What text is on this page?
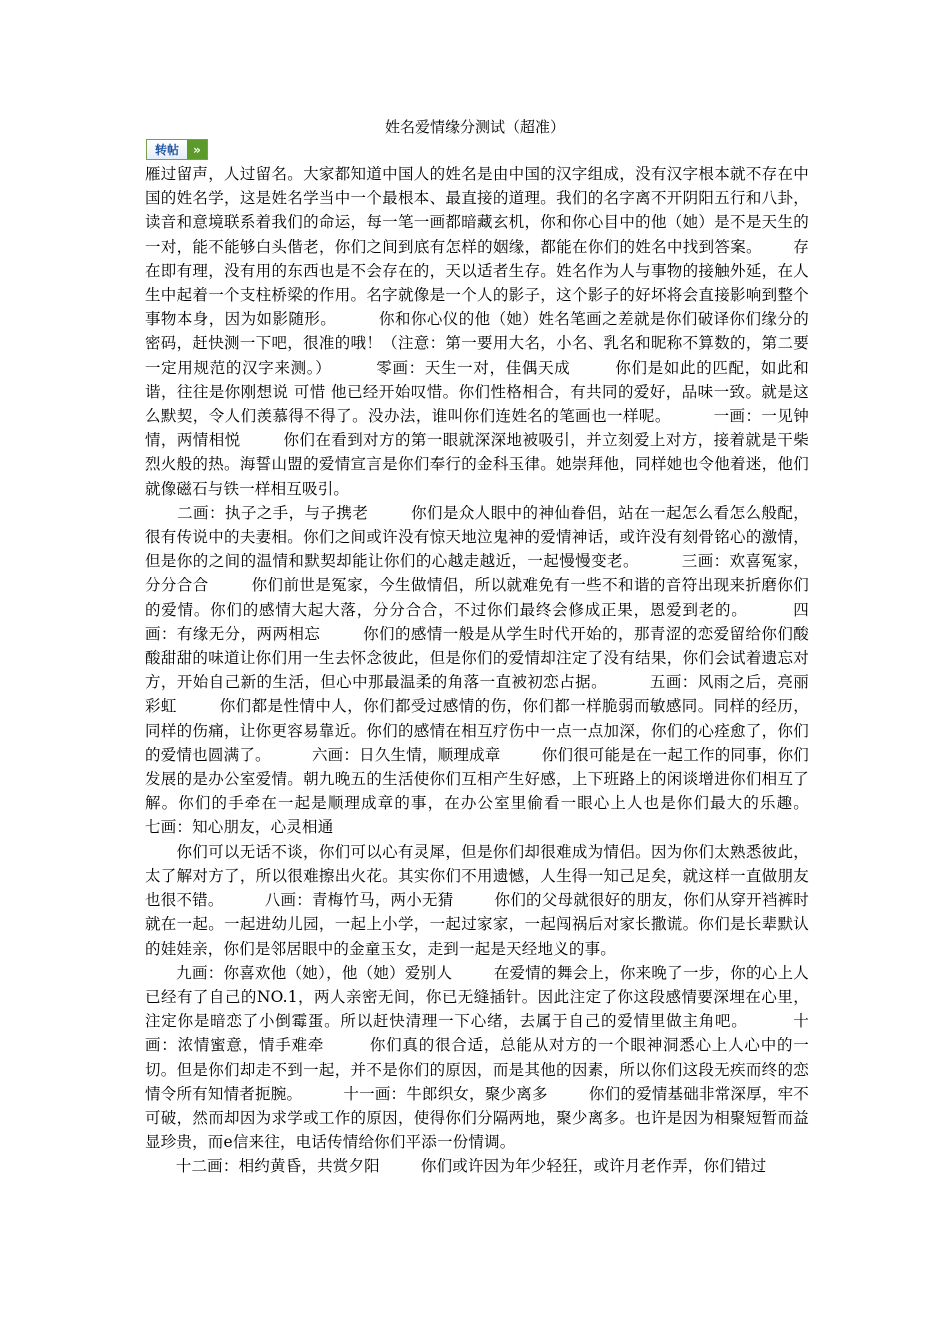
姓名爱情缘分测试（超准）
转帖	»
雁过留声，人过留名。大家都知道中国人的姓名是由中国的汉字组成，没有汉字根本就不存在中国的姓名学，这是姓名学当中一个最根本、最直接的道理。我们的名字离不开阴阳五行和八卦，读音和意境联系着我们的命运，每一笔一画都暗藏玄机，你和你心目中的他（她）是不是天生的一对，能不能够白头偕老，你们之间到底有怎样的姻缘，都能在你们的姓名中找到答案。      存在即有理，没有用的东西也是不会存在的，天以适者生存。姓名作为人与事物的接触外延，在人生中起着一个支柱桥梁的作用。名字就像是一个人的影子，这个影子的好坏将会直接影响到整个事物本身，因为如影随形。        你和你心仪的他（她）姓名笔画之差就是你们破译你们缘分的密码，赶快测一下吧，很准的哦！（注意：第一要用大名，小名、乳名和昵称不算数的，第二要一定用规范的汉字来测。）        零画：天生一对，佳偶天成        你们是如此的匹配，如此和谐，往往是你刚想说 可惜 他已经开始叹惜。你们性格相合，有共同的爱好，品味一致。就是这么默契，令人们羡慕得不得了。没办法，谁叫你们连姓名的笔画也一样呢。        一画：一见钟情，两情相悦        你们在看到对方的第一眼就深深地被吸引，并立刻爱上对方，接着就是干柴烈火般的热。海誓山盟的爱情宣言是你们奉行的金科玉律。她崇拜他，同样她也令他着迷，他们就像磁石与铁一样相互吸引。
二画：执子之手，与子携老        你们是众人眼中的神仙眷侣，站在一起怎么看怎么般配，很有传说中的夫妻相。你们之间或许没有惊天地泣鬼神的爱情神话，或许没有刻骨铭心的激情，但是你的之间的温情和默契却能让你们的心越走越近，一起慢慢变老。        三画：欢喜冤家，分分合合        你们前世是冤家，今生做情侣，所以就难免有一些不和谐的音符出现来折磨你们的爱情。你们的感情大起大落，分分合合，不过你们最终会修成正果，恩爱到老的。        四画：有缘无分，两两相忘        你们的感情一般是从学生时代开始的，那青涩的恋爱留给你们酸酸甜甜的味道让你们用一生去怀念彼此，但是你们的爱情却注定了没有结果，你们会试着遗忘对方，开始自己新的生活，但心中那最温柔的角落一直被初恋占据。        五画：风雨之后，亮丽彩虹        你们都是性情中人，你们都受过感情的伤，你们都一样脆弱而敏感同。同样的经历，同样的伤痛，让你更容易靠近。你们的感情在相互疗伤中一点一点加深，你们的心痊愈了，你们的爱情也圆满了。        六画：日久生情，顺理成章        你们很可能是在一起工作的同事，你们发展的是办公室爱情。朝九晚五的生活使你们互相产生好感，上下班路上的闲谈增进你们相互了解。你们的手牵在一起是顺理成章的事，在办公室里偷看一眼心上人也是你们最大的乐趣。        七画：知心朋友，心灵相通
你们可以无话不谈，你们可以心有灵犀，但是你们却很难成为情侣。因为你们太熟悉彼此，太了解对方了，所以很难擦出火花。其实你们不用遗憾，人生得一知己足矣，就这样一直做朋友也很不错。        八画：青梅竹马，两小无猜        你们的父母就很好的朋友，你们从穿开裆裤时就在一起。一起进幼儿园，一起上小学，一起过家家，一起闯祸后对家长撒谎。你们是长辈默认的娃娃亲，你们是邻居眼中的金童玉女，走到一起是天经地义的事。
九画：你喜欢他（她），他（她）爱别人        在爱情的舞会上，你来晚了一步，你的心上人已经有了自己的NO.1，两人亲密无间，你已无缝插针。因此注定了你这段感情要深埋在心里，注定你是暗恋了小倒霉蛋。所以赶快清理一下心绪，去属于自己的爱情里做主角吧。        十画：浓情蜜意，情手难牵        你们真的很合适，总能从对方的一个眼神洞悉心上人心中的一切。但是你们却走不到一起，并不是你们的原因，而是其他的因素，所以你们这段无疾而终的恋情令所有知情者扼腕。        十一画：牛郎织女，聚少离多        你们的爱情基础非常深厚，牢不可破，然而却因为求学或工作的原因，使得你们分隔两地，聚少离多。也许是因为相聚短暂而益显珍贵，而e信来往，电话传情给你们平添一份情调。
十二画：相约黄昏，共赏夕阳        你们或许因为年少轻狂，或许月老作弄，你们错过
